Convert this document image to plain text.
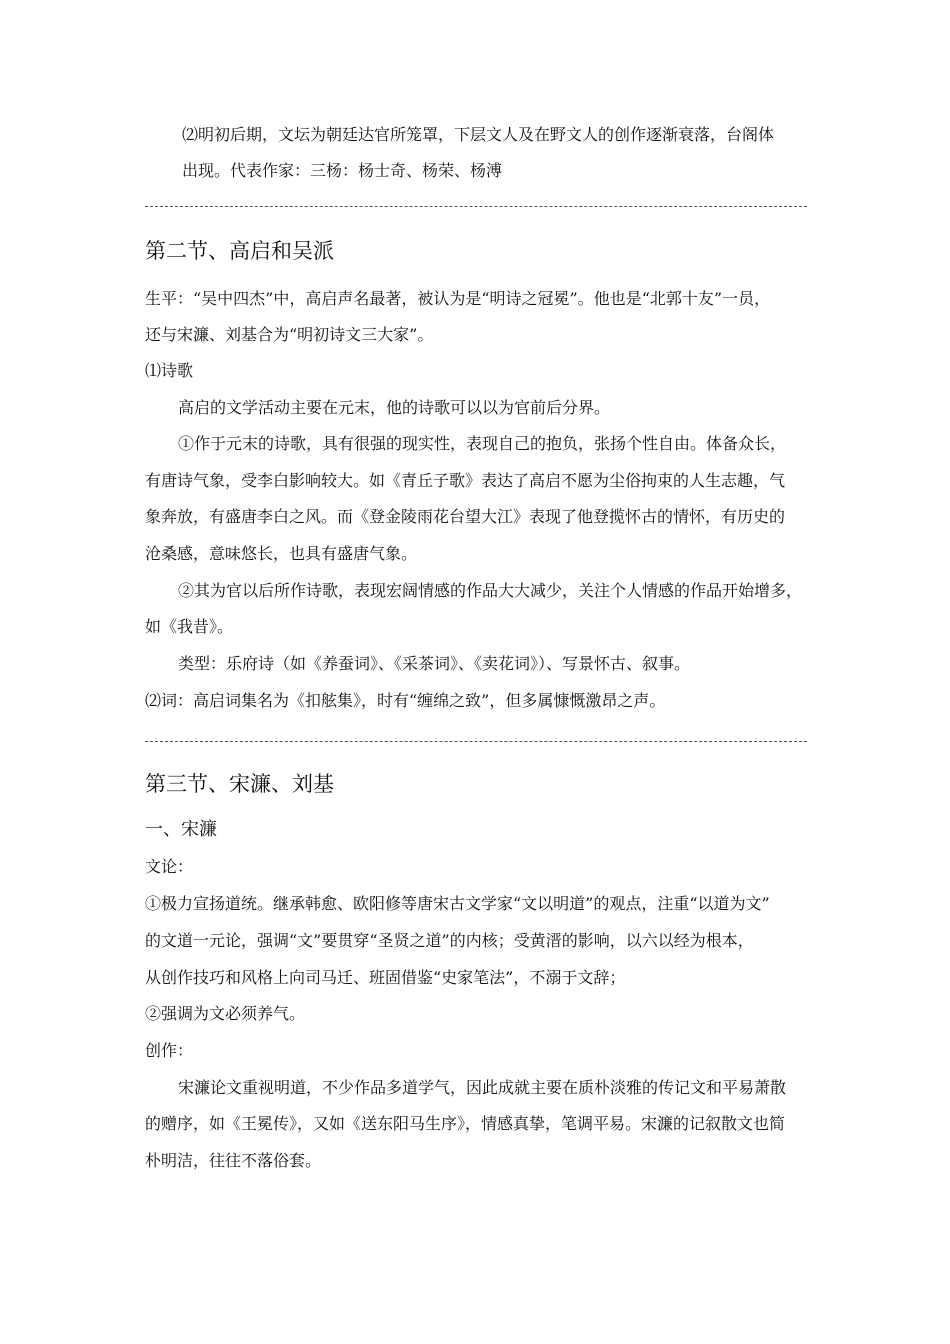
⑵明初后期，文坛为朝廷达官所笼罩，下层文人及在野文人的创作逐渐衰落，台阁体
出现。代表作家：三杨：杨士奇、杨荣、杨溥
第二节、高启和吴派
生平：“吴中四杰”中，高启声名最著，被认为是“明诗之冠冕”。他也是“北郭十友”一员，
还与宋濂、刘基合为“明初诗文三大家”。
⑴诗歌
高启的文学活动主要在元末，他的诗歌可以以为官前后分界。
①作于元末的诗歌，具有很强的现实性，表现自己的抱负，张扬个性自由。体备众长，
有唐诗气象，受李白影响较大。如《青丘子歌》表达了高启不愿为尘俗拘束的人生志趣，气
象奔放，有盛唐李白之风。而《登金陵雨花台望大江》表现了他登揽怀古的情怀，有历史的
沧桑感，意味悠长，也具有盛唐气象。
②其为官以后所作诗歌，表现宏阔情感的作品大大减少，关注个人情感的作品开始增多，
如《我昔》。
类型：乐府诗（如《养蚕词》、《采茶词》、《卖花词》）、写景怀古、叙事。
⑵词：高启词集名为《扣舷集》，时有“缠绵之致”，但多属慷慨激昂之声。
第三节、宋濂、刘基
一、宋濂
文论：
①极力宣扬道统。继承韩愈、欧阳修等唐宋古文学家“文以明道”的观点，注重“以道为文”
的文道一元论，强调“文”要贯穿“圣贤之道”的内核；受黄溍的影响，以六以经为根本，
从创作技巧和风格上向司马迁、班固借鉴“史家笔法”，不溺于文辞；
②强调为文必须养气。
创作：
宋濂论文重视明道，不少作品多道学气，因此成就主要在质朴淡雅的传记文和平易萧散
的赠序，如《王冕传》，又如《送东阳马生序》，情感真挚，笔调平易。宋濂的记叙散文也简
朴明洁，往往不落俗套。
